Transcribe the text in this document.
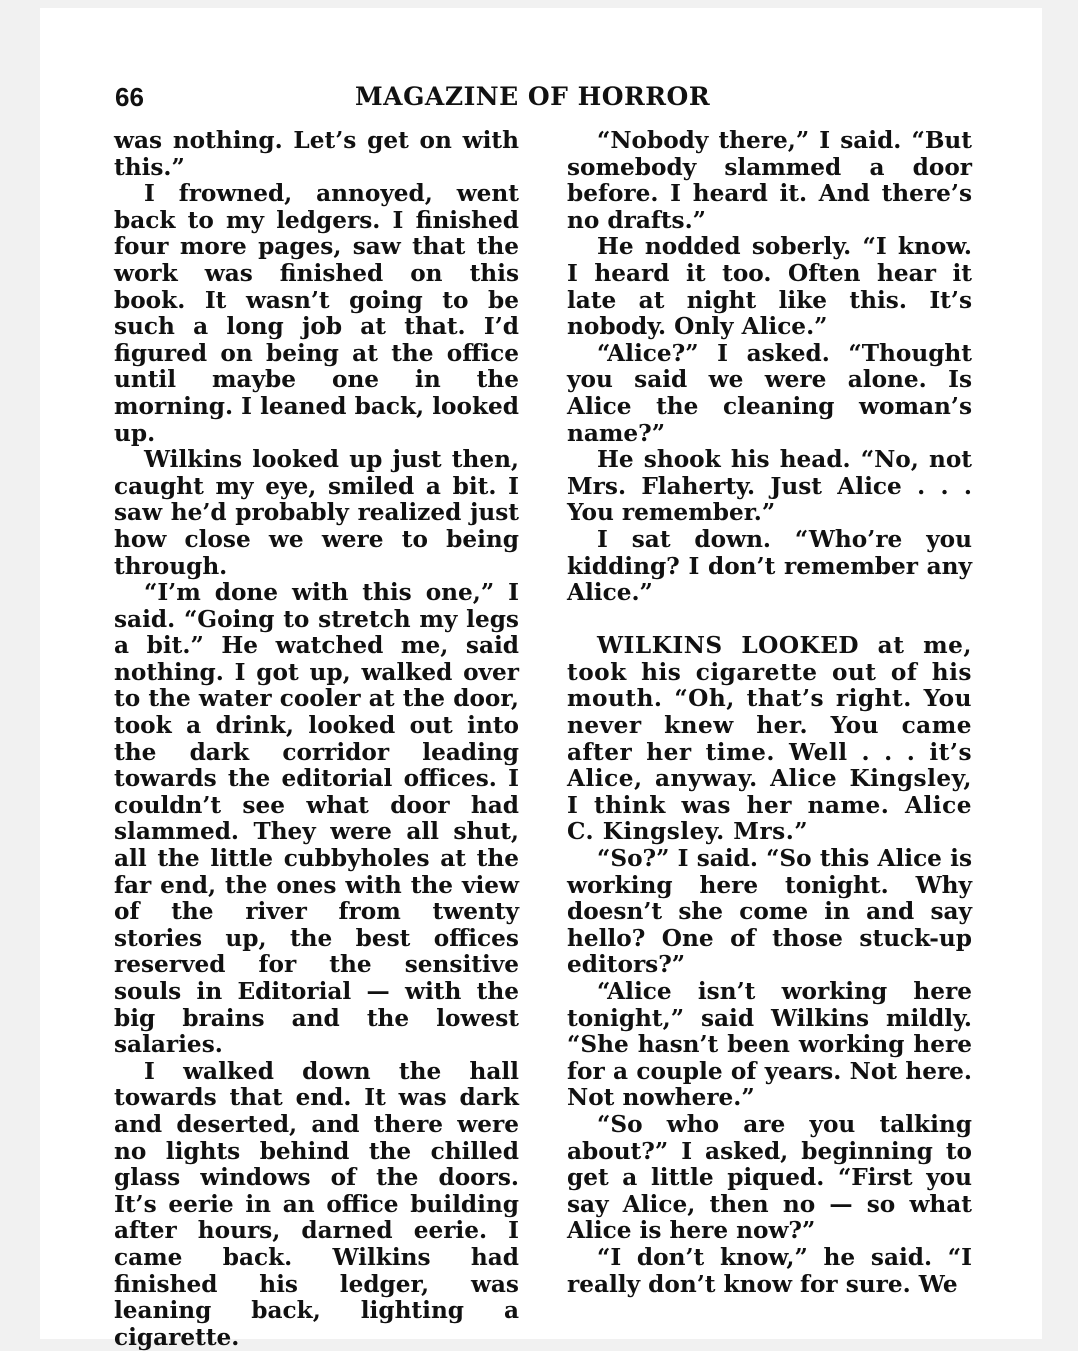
66	MAGAZINE OF HORROR

was nothing. Let’s get on with this.”

I frowned, annoyed, went back to my ledgers. I finished four more pages, saw that the work was finished on this book. It wasn’t going to be such a long job at that. I’d figured on being at the office until maybe one in the morning. I leaned back, looked up.

Wilkins looked up just then, caught my eye, smiled a bit. I saw he’d probably realized just how close we were to being through.

“I’m done with this one,” I said. “Going to stretch my legs a bit.” He watched me, said nothing. I got up, walked over to the water cooler at the door, took a drink, looked out into the dark corridor leading towards the editorial offices. I couldn’t see what door had slammed. They were all shut, all the little cubbyholes at the far end, the ones with the view of the river from twenty stories up, the best offices reserved for the sensitive souls in Editorial — with the big brains and the lowest salaries.

I walked down the hall towards that end. It was dark and deserted, and there were no lights behind the chilled glass windows of the doors. It’s eerie in an office building after hours, darned eerie. I came back. Wilkins had finished his ledger, was leaning back, lighting a cigarette.

“Nobody there,” I said. “But somebody slammed a door before. I heard it. And there’s no drafts.”

He nodded soberly. “I know. I heard it too. Often hear it late at night like this. It’s nobody. Only Alice.”

“Alice?” I asked. “Thought you said we were alone. Is Alice the cleaning woman’s name?”

He shook his head. “No, not Mrs. Flaherty. Just Alice . . . You remember.”

I sat down. “Who’re you kidding? I don’t remember any Alice.”

WILKINS LOOKED at me, took his cigarette out of his mouth. “Oh, that’s right. You never knew her. You came after her time. Well . . . it’s Alice, anyway. Alice Kingsley, I think was her name. Alice C. Kingsley. Mrs.”

“So?” I said. “So this Alice is working here tonight. Why doesn’t she come in and say hello? One of those stuck-up editors?”

“Alice isn’t working here tonight,” said Wilkins mildly. “She hasn’t been working here for a couple of years. Not here. Not nowhere.”

“So who are you talking about?” I asked, beginning to get a little piqued. “First you say Alice, then no — so what Alice is here now?”

“I don’t know,” he said. “I really don’t know for sure. We
